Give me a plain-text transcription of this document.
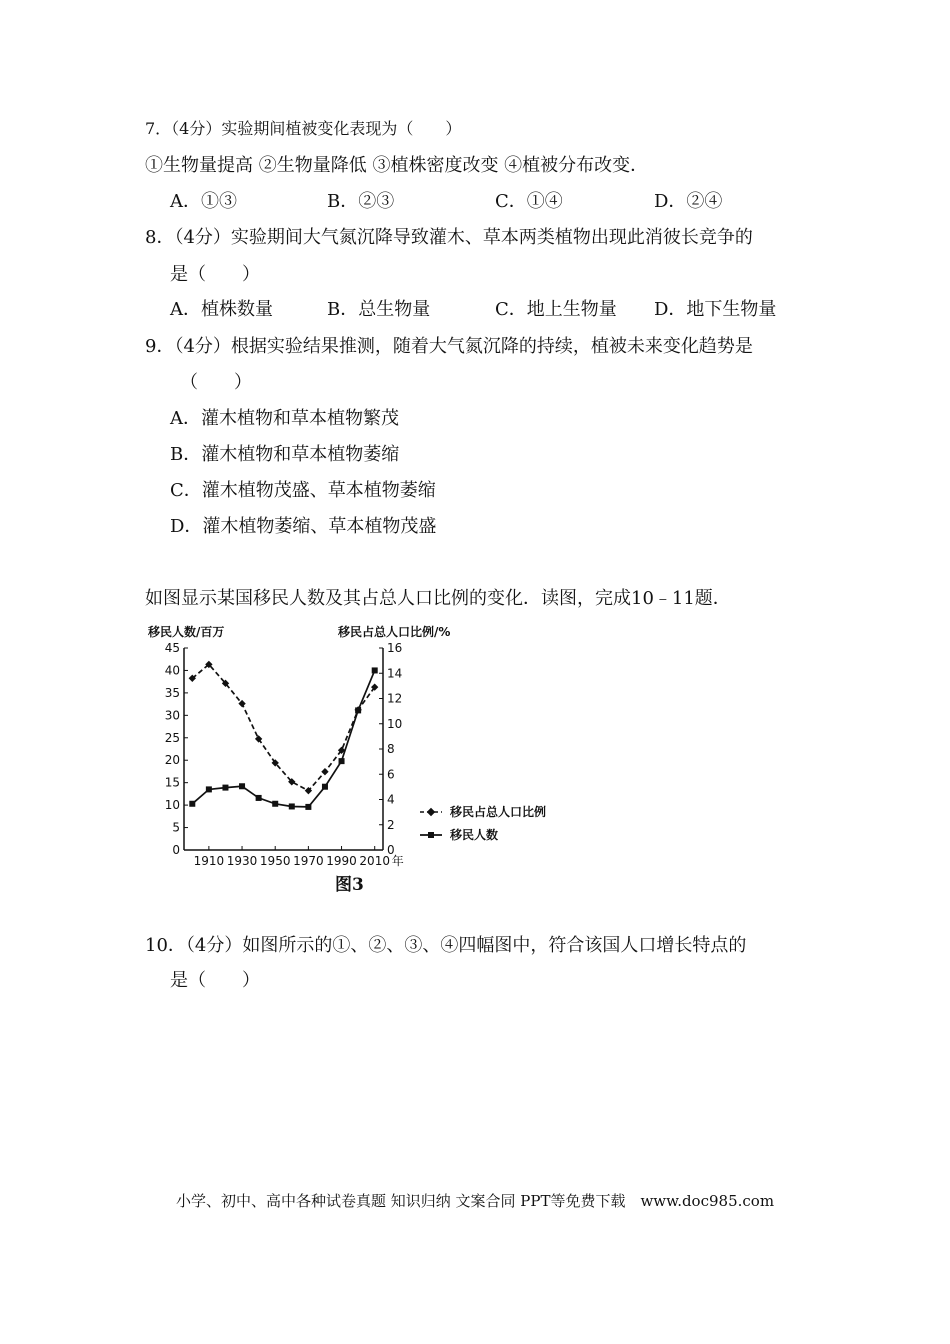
7．（4分）实验期间植被变化表现为（　　）
①生物量提高 ②生物量降低 ③植株密度改变 ④植被分布改变．
A．①③	B．②③	C．①④	D．②④
8．（4分）实验期间大气氮沉降导致灌木、草本两类植物出现此消彼长竞争的
是（　　）
A．植株数量	B．总生物量	C．地上生物量 D．地下生物量
9．（4分）根据实验结果推测，随着大气氮沉降的持续，植被未来变化趋势是
（　　）
A．灌木植物和草本植物繁茂
B．灌木植物和草本植物萎缩
C．灌木植物茂盛、草本植物萎缩
D．灌木植物萎缩、草本植物茂盛
如图显示某国移民人数及其占总人口比例的变化．读图，完成10﹣11题．
移民人数/百万	移民占总人口比例/%
0
5
10
15
20
25
30
35
40
45
0
2
4
6
8
10
12
14
16
1910 1930 1950 1970 1990 2010 年
移民占总人口比例
移民人数
图3
10．（4分）如图所示的①、②、③、④四幅图中，符合该国人口增长特点的
是（　　）
小学、初中、高中各种试卷真题 知识归纳 文案合同 PPT等免费下载　www.doc985.com
